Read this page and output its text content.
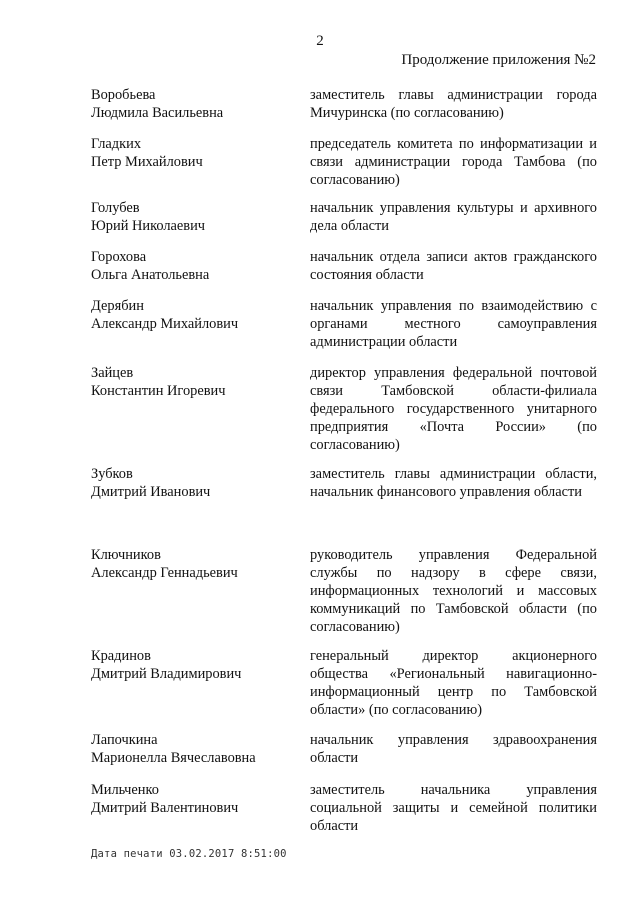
2
Продолжение приложения №2
Воробьева
Людмила Васильевна
заместитель главы администрации города Мичуринска (по согласованию)
Гладких
Петр Михайлович
председатель комитета по информатизации и связи администрации города Тамбова (по согласованию)
Голубев
Юрий Николаевич
начальник управления культуры и архивного дела области
Горохова
Ольга Анатольевна
начальник отдела записи актов гражданского состояния области
Дерябин
Александр Михайлович
начальник управления по взаимодействию с органами местного самоуправления администрации области
Зайцев
Константин Игоревич
директор управления федеральной почтовой связи Тамбовской области-филиала федерального государственного унитарного предприятия «Почта России» (по согласованию)
Зубков
Дмитрий Иванович
заместитель главы администрации области, начальник финансового управления области
Ключников
Александр Геннадьевич
руководитель управления Федеральной службы по надзору в сфере связи, информационных технологий и массовых коммуникаций по Тамбовской области (по согласованию)
Крадинов
Дмитрий Владимирович
генеральный директор акционерного общества «Региональный навигационно-информационный центр по Тамбовской области» (по согласованию)
Лапочкина
Марионелла Вячеславовна
начальник управления здравоохранения области
Мильченко
Дмитрий Валентинович
заместитель начальника управления социальной защиты и семейной политики области
Дата печати 03.02.2017 8:51:00
